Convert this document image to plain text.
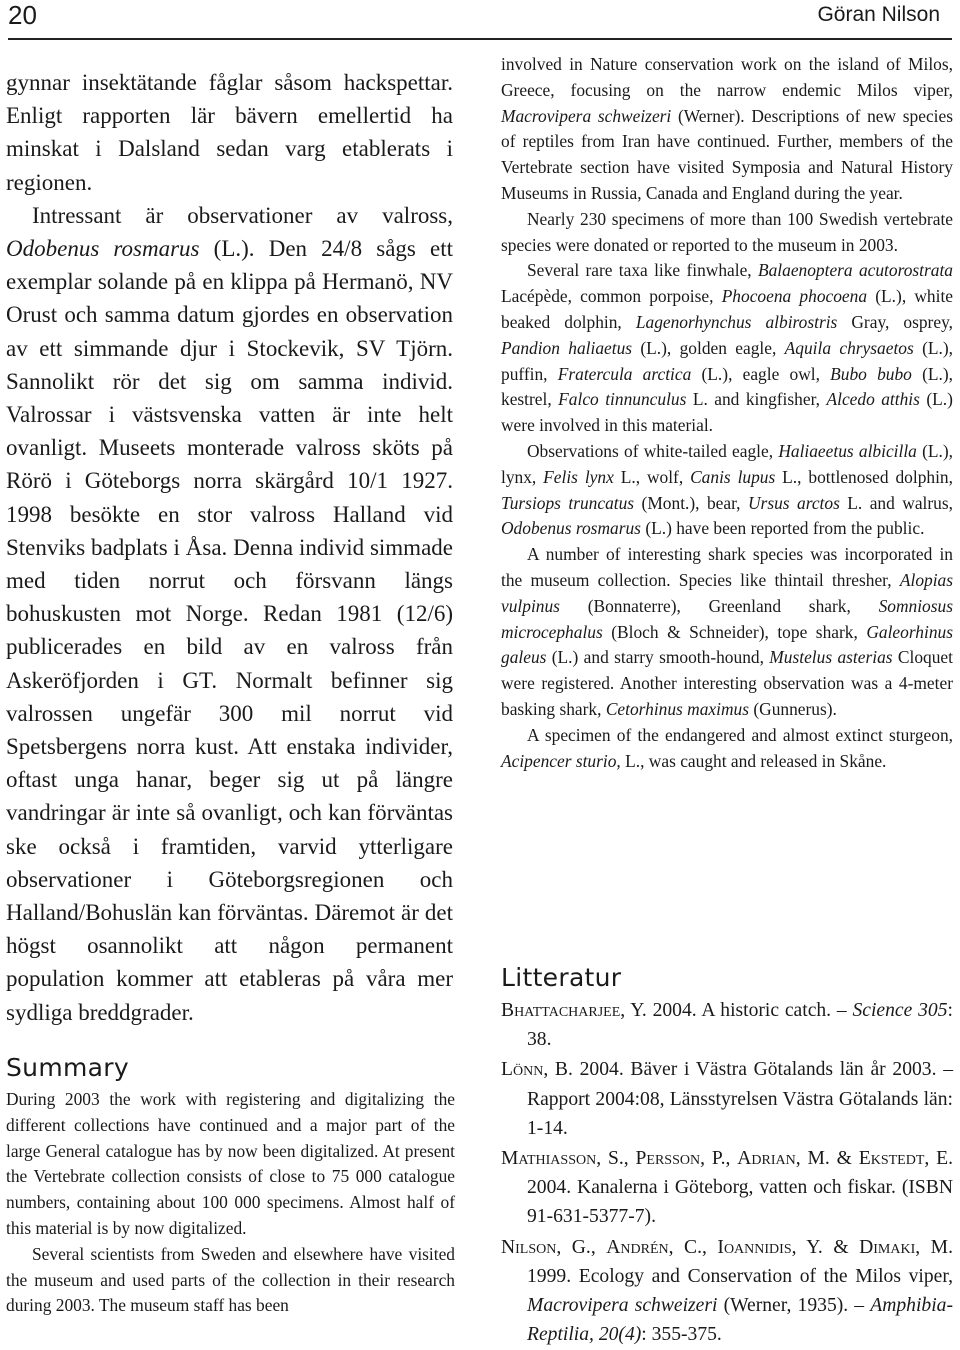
20	Göran Nilson

gynnar insektätande fåglar såsom hackspettar. Enligt rapporten lär bävern emellertid ha minskat i Dalsland sedan varg etablerats i regionen.

Intressant är observationer av valross, Odobenus rosmarus (L.). Den 24/8 sågs ett exemplar solande på en klippa på Hermanö, NV Orust och samma datum gjordes en observation av ett simmande djur i Stockevik, SV Tjörn. Sannolikt rör det sig om samma individ. Valrossar i västsvenska vatten är inte helt ovanligt. Museets monterade valross sköts på Rörö i Göteborgs norra skärgård 10/1 1927. 1998 besökte en stor valross Halland vid Stenviks badplats i Åsa. Denna individ simmade med tiden norrut och försvann längs bohuskusten mot Norge. Redan 1981 (12/6) publicerades en bild av en valross från Askeröfjorden i GT. Normalt befinner sig valrossen ungefär 300 mil norrut vid Spetsbergens norra kust. Att enstaka individer, oftast unga hanar, beger sig ut på längre vandringar är inte så ovanligt, och kan förväntas ske också i framtiden, varvid ytterligare observationer i Göteborgsregionen och Halland/Bohuslän kan förväntas. Däremot är det högst osannolikt att någon permanent population kommer att etableras på våra mer sydliga breddgrader.

Summary

During 2003 the work with registering and digitalizing the different collections have continued and a major part of the large General catalogue has by now been digitalized. At present the Vertebrate collection consists of close to 75 000 catalogue numbers, containing about 100 000 specimens. Almost half of this material is by now digitalized.

Several scientists from Sweden and elsewhere have visited the museum and used parts of the collection in their research during 2003. The museum staff has been

involved in Nature conservation work on the island of Milos, Greece, focusing on the narrow endemic Milos viper, Macrovipera schweizeri (Werner). Descriptions of new species of reptiles from Iran have continued. Further, members of the Vertebrate section have visited Symposia and Natural History Museums in Russia, Canada and England during the year.

Nearly 230 specimens of more than 100 Swedish vertebrate species were donated or reported to the museum in 2003.

Several rare taxa like finwhale, Balaenoptera acutorostrata Lacépède, common porpoise, Phocoena phocoena (L.), white beaked dolphin, Lagenorhynchus albirostris Gray, osprey, Pandion haliaetus (L.), golden eagle, Aquila chrysaetos (L.), puffin, Fratercula arctica (L.), eagle owl, Bubo bubo (L.), kestrel, Falco tinnunculus L. and kingfisher, Alcedo atthis (L.) were involved in this material.

Observations of white-tailed eagle, Haliaeetus albicilla (L.), lynx, Felis lynx L., wolf, Canis lupus L., bottlenosed dolphin, Tursiops truncatus (Mont.), bear, Ursus arctos L. and walrus, Odobenus rosmarus (L.) have been reported from the public.

A number of interesting shark species was incorporated in the museum collection. Species like thintail thresher, Alopias vulpinus (Bonnaterre), Greenland shark, Somniosus microcephalus (Bloch & Schneider), tope shark, Galeorhinus galeus (L.) and starry smooth-hound, Mustelus asterias Cloquet were registered. Another interesting observation was a 4-meter basking shark, Cetorhinus maximus (Gunnerus).

A specimen of the endangered and almost extinct sturgeon, Acipencer sturio, L., was caught and released in Skåne.

Litteratur

Bhattacharjee, Y. 2004. A historic catch. – Science 305: 38.

Lönn, B. 2004. Bäver i Västra Götalands län år 2003. – Rapport 2004:08, Länsstyrelsen Västra Götalands län: 1-14.

Mathiasson, S., Persson, P., Adrian, M. & Ekstedt, E. 2004. Kanalerna i Göteborg, vatten och fiskar. (ISBN 91-631-5377-7).

Nilson, G., Andrén, C., Ioannidis, Y. & Dimaki, M. 1999. Ecology and Conservation of the Milos viper, Macrovipera schweizeri (Werner, 1935). – Amphibia-Reptilia, 20(4): 355-375.
